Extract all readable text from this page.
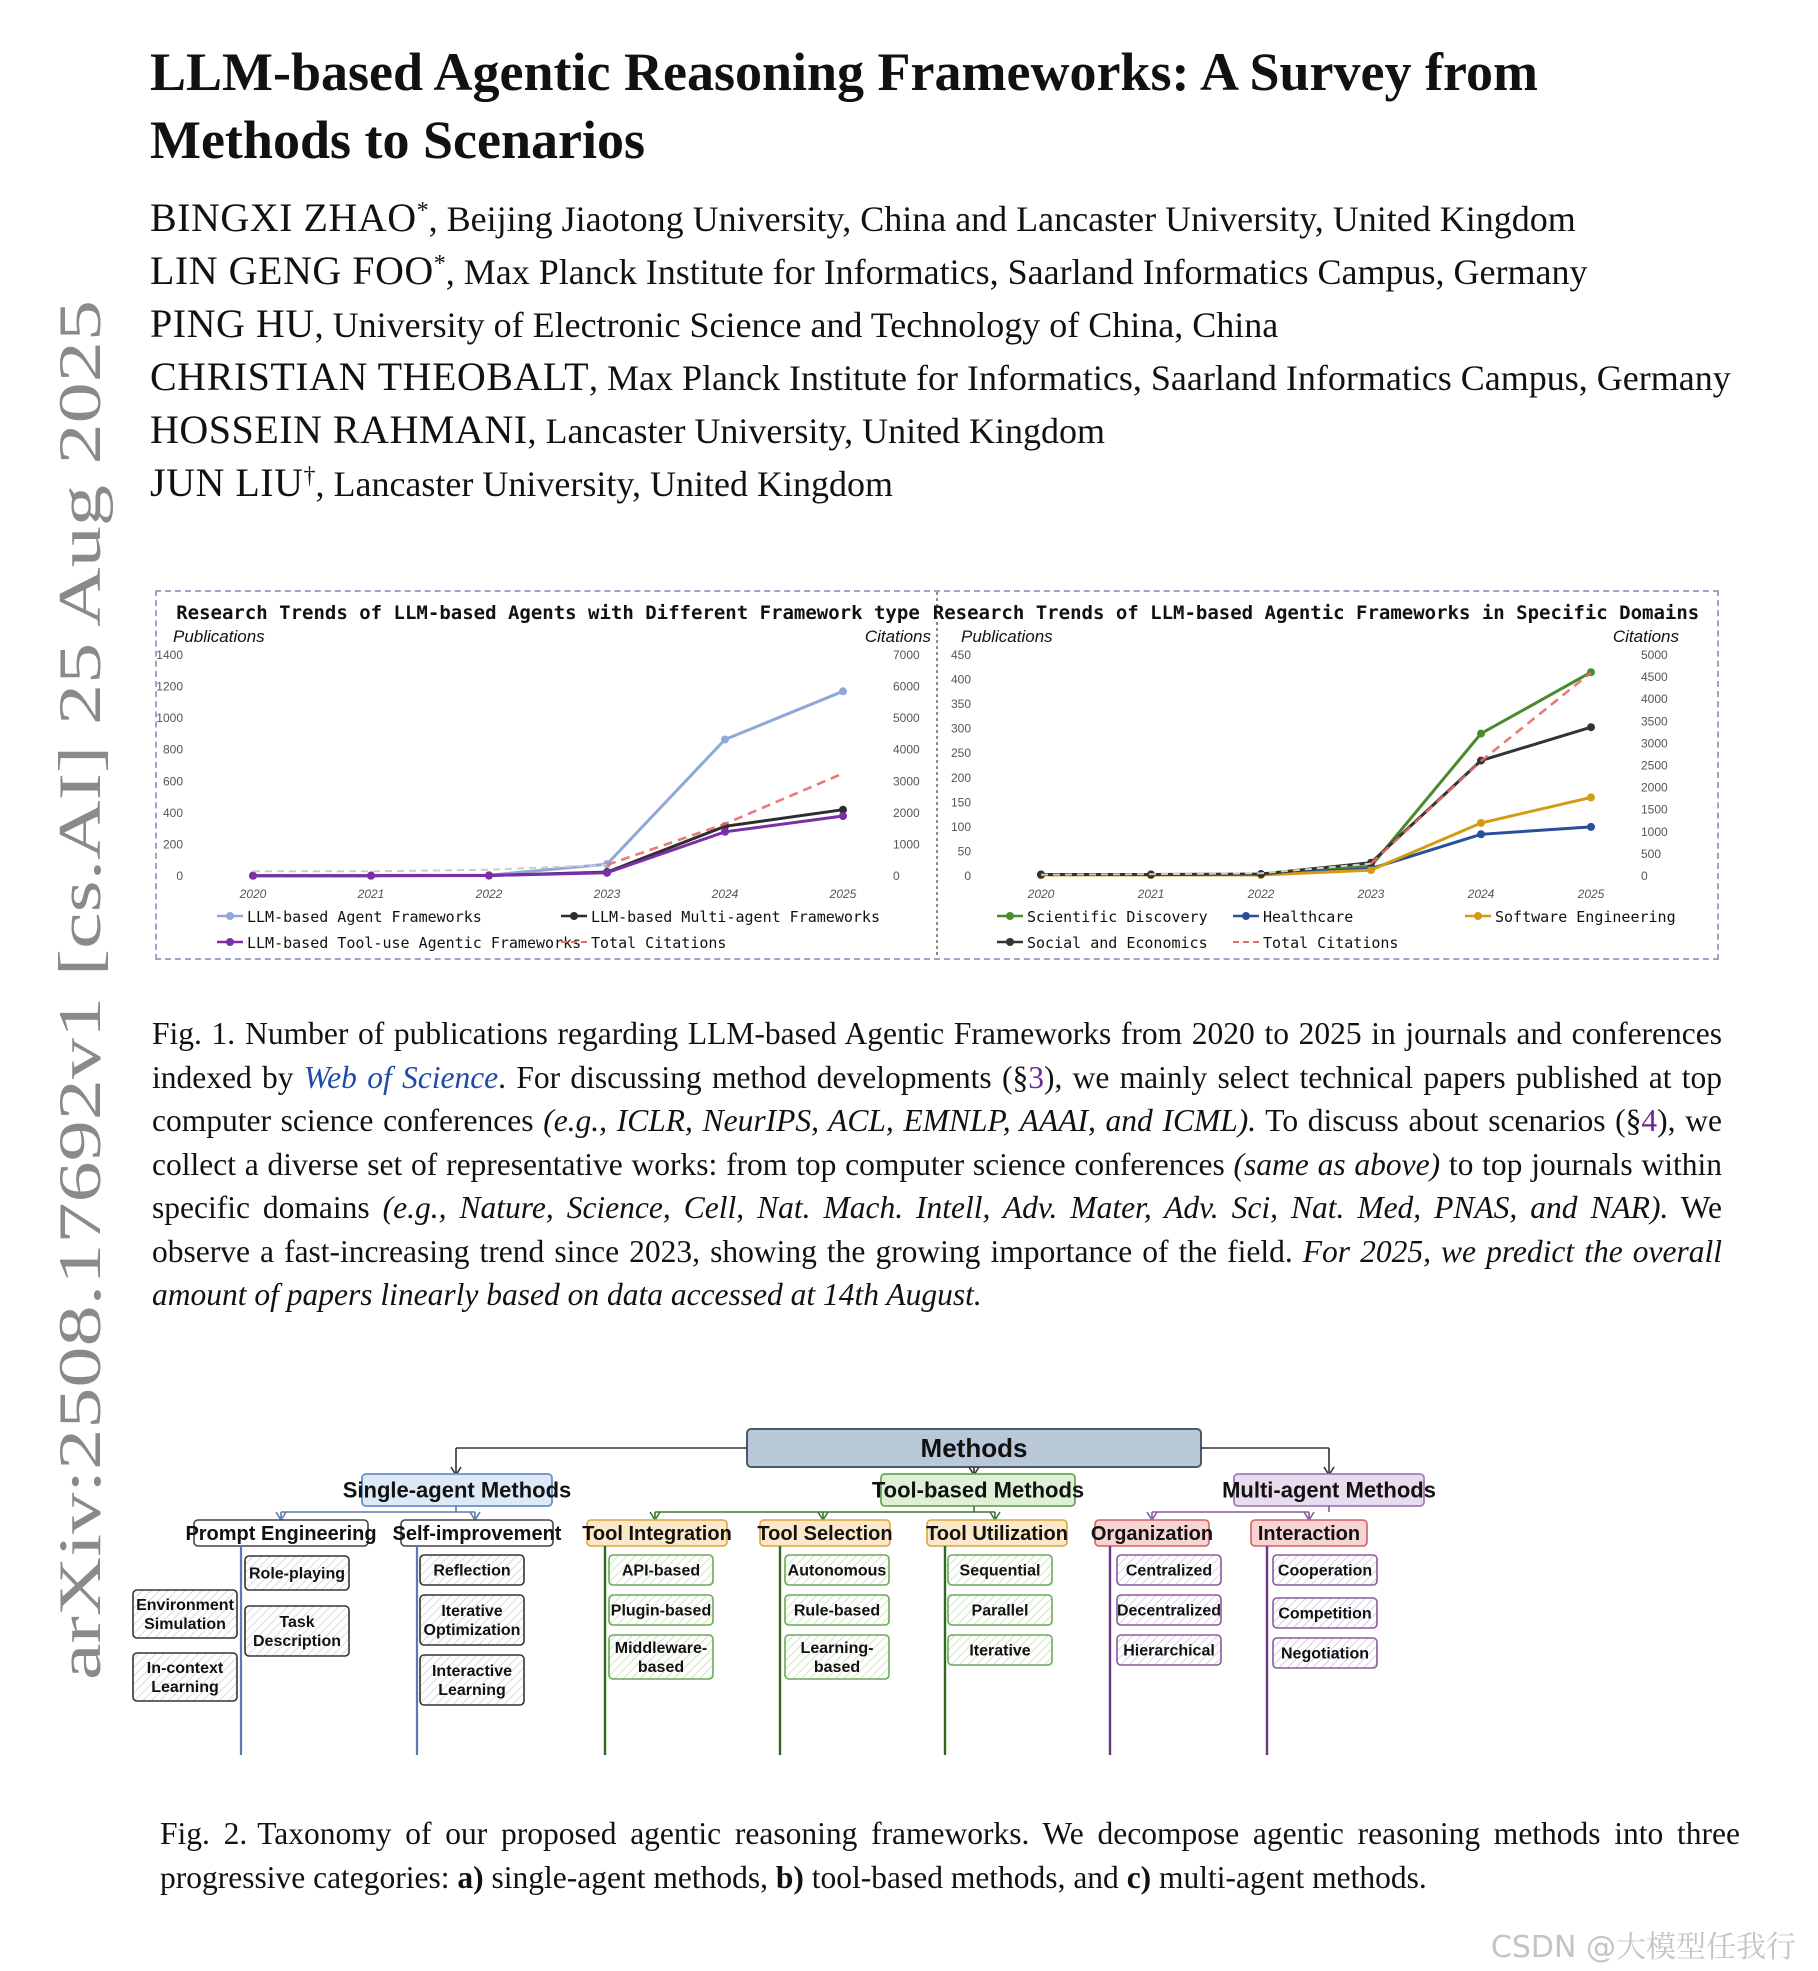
arXiv:2508.17692v1 [cs.AI] 25 Aug 2025
LLM-based Agentic Reasoning Frameworks: A Survey from Methods to Scenarios
BINGXI ZHAO*, Beijing Jiaotong University, China and Lancaster University, United Kingdom
LIN GENG FOO*, Max Planck Institute for Informatics, Saarland Informatics Campus, Germany
PING HU, University of Electronic Science and Technology of China, China
CHRISTIAN THEOBALT, Max Planck Institute for Informatics, Saarland Informatics Campus, Germany
HOSSEIN RAHMANI, Lancaster University, United Kingdom
JUN LIU†, Lancaster University, United Kingdom
Research Trends of LLM-based Agents with Different Framework type
Publications	Citations
0
200
400
600
800
1000
1200
1400
0
1000
2000
3000
4000
5000
6000
7000
2020	2021	2022	2023	2024	2025
LLM-based Agent Frameworks	LLM-based Multi-agent Frameworks
LLM-based Tool-use Agentic Frameworks Total Citations
Research Trends of LLM-based Agentic Frameworks in Specific Domains
Publications	Citations
0
50
100
150
200
250
300
350
400
450
0
500
1000
1500
2000
2500
3000
3500
4000
4500
5000
2020	2021	2022	2023	2024	2025
Scientific Discovery	Healthcare	Software Engineering
Social and Economics	Total Citations
Fig. 1. Number of publications regarding LLM-based Agentic Frameworks from 2020 to 2025 in journals and conferences indexed by Web of Science. For discussing method developments (§3), we mainly select technical papers published at top computer science conferences (e.g., ICLR, NeurIPS, ACL, EMNLP, AAAI, and ICML). To discuss about scenarios (§4), we collect a diverse set of representative works: from top computer science conferences (same as above) to top journals within specific domains (e.g., Nature, Science, Cell, Nat. Mach. Intell, Adv. Mater, Adv. Sci, Nat. Med, PNAS, and NAR). We observe a fast-increasing trend since 2023, showing the growing importance of the field. For 2025, we predict the overall amount of papers linearly based on data accessed at 14th August.
Methods
Single-agent Methods	Tool-based Methods	Multi-agent Methods
Prompt Engineering Self-improvement
Role-playing
Environment
Simulation	Task
Description
In-context
Learning
Reflection
Iterative
Optimization
Interactive
Learning
Tool Integration Tool Selection Tool Utilization
API-based
Plugin-based
Middleware-
based
Autonomous
Rule-based
Learning-
based
Sequential
Parallel
Iterative
Organization Interaction
Centralized
Decentralized
Hierarchical
Cooperation
Competition
Negotiation
Fig. 2. Taxonomy of our proposed agentic reasoning frameworks. We decompose agentic reasoning methods into three progressive categories: a) single-agent methods, b) tool-based methods, and c) multi-agent methods.
CSDN @大模型任我行
